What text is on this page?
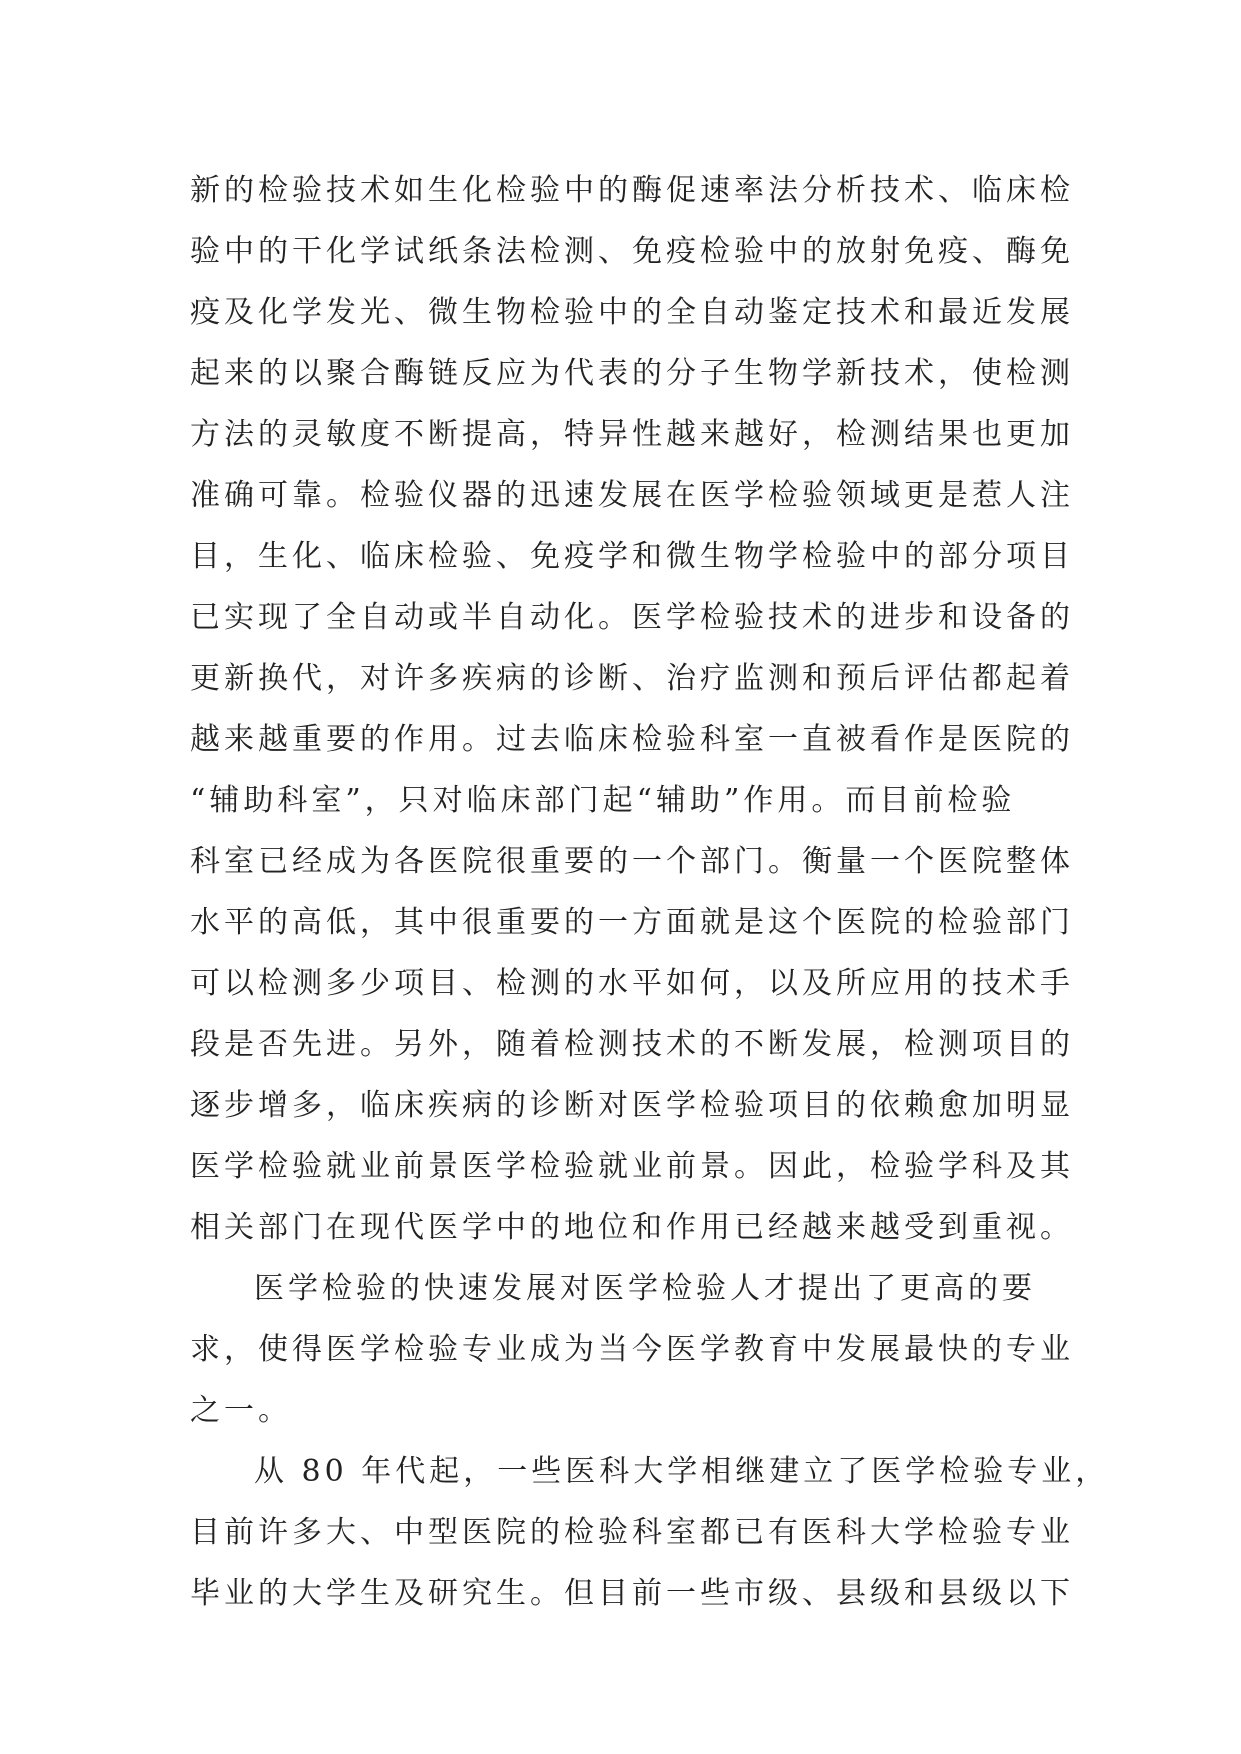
新的检验技术如生化检验中的酶促速率法分析技术、临床检
验中的干化学试纸条法检测、免疫检验中的放射免疫、酶免
疫及化学发光、微生物检验中的全自动鉴定技术和最近发展
起来的以聚合酶链反应为代表的分子生物学新技术，使检测
方法的灵敏度不断提高，特异性越来越好，检测结果也更加
准确可靠。检验仪器的迅速发展在医学检验领域更是惹人注
目，生化、临床检验、免疫学和微生物学检验中的部分项目
已实现了全自动或半自动化。医学检验技术的进步和设备的
更新换代，对许多疾病的诊断、治疗监测和预后评估都起着
越来越重要的作用。过去临床检验科室一直被看作是医院的
“辅助科室”，只对临床部门起“辅助”作用。而目前检验
科室已经成为各医院很重要的一个部门。衡量一个医院整体
水平的高低，其中很重要的一方面就是这个医院的检验部门
可以检测多少项目、检测的水平如何，以及所应用的技术手
段是否先进。另外，随着检测技术的不断发展，检测项目的
逐步增多，临床疾病的诊断对医学检验项目的依赖愈加明显
医学检验就业前景医学检验就业前景。因此，检验学科及其
相关部门在现代医学中的地位和作用已经越来越受到重视。
医学检验的快速发展对医学检验人才提出了更高的要
求，使得医学检验专业成为当今医学教育中发展最快的专业
之一。
从 80 年代起，一些医科大学相继建立了医学检验专业，
目前许多大、中型医院的检验科室都已有医科大学检验专业
毕业的大学生及研究生。但目前一些市级、县级和县级以下
